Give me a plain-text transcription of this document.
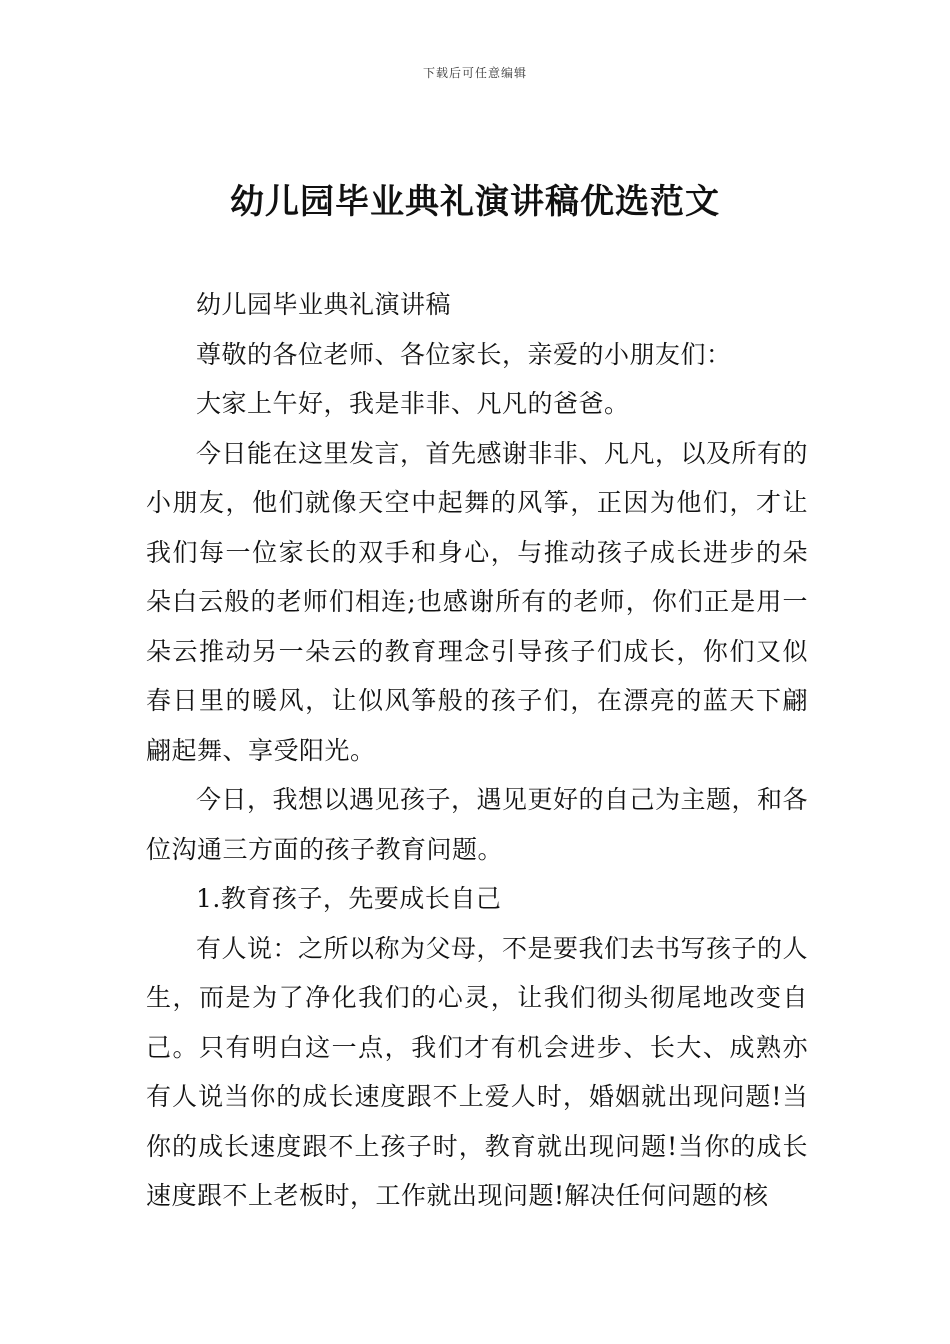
下载后可任意编辑
幼儿园毕业典礼演讲稿优选范文

幼儿园毕业典礼演讲稿

尊敬的各位老师、各位家长，亲爱的小朋友们：

大家上午好，我是非非、凡凡的爸爸。

今日能在这里发言，首先感谢非非、凡凡，以及所有的小朋友，他们就像天空中起舞的风筝，正因为他们，才让我们每一位家长的双手和身心，与推动孩子成长进步的朵朵白云般的老师们相连;也感谢所有的老师，你们正是用一朵云推动另一朵云的教育理念引导孩子们成长，你们又似春日里的暖风，让似风筝般的孩子们，在漂亮的蓝天下翩翩起舞、享受阳光。

今日，我想以遇见孩子，遇见更好的自己为主题，和各位沟通三方面的孩子教育问题。

1.教育孩子，先要成长自己

有人说：之所以称为父母，不是要我们去书写孩子的人生，而是为了净化我们的心灵，让我们彻头彻尾地改变自己。只有明白这一点，我们才有机会进步、长大、成熟亦有人说当你的成长速度跟不上爱人时，婚姻就出现问题!当你的成长速度跟不上孩子时，教育就出现问题!当你的成长速度跟不上老板时，工作就出现问题!解决任何问题的核
